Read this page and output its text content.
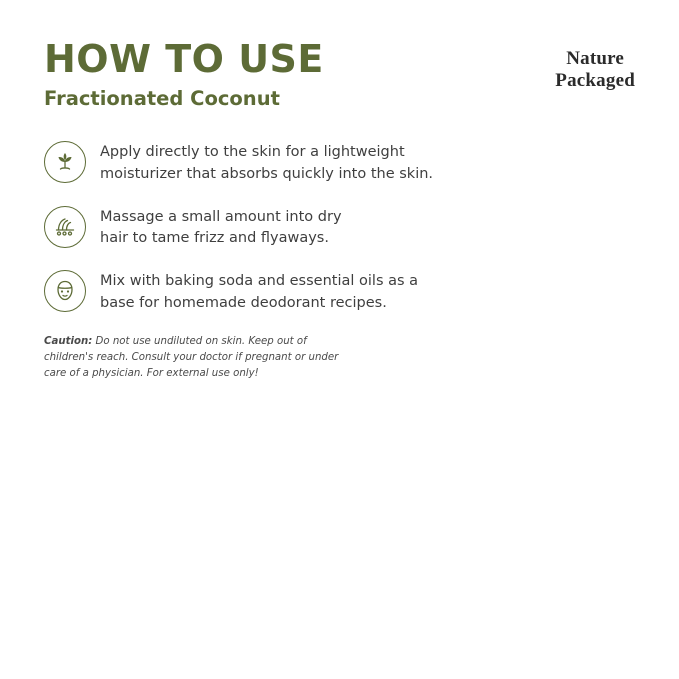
HOW TO USE
Fractionated Coconut
Nature
Packaged
Apply directly to the skin for a lightweight
moisturizer that absorbs quickly into the skin.
Massage a small amount into dry
hair to tame frizz and flyaways.
Mix with baking soda and essential oils as a
base for homemade deodorant recipes.
Caution: Do not use undiluted on skin. Keep out of children's reach. Consult your doctor if pregnant or under care of a physician. For external use only!
